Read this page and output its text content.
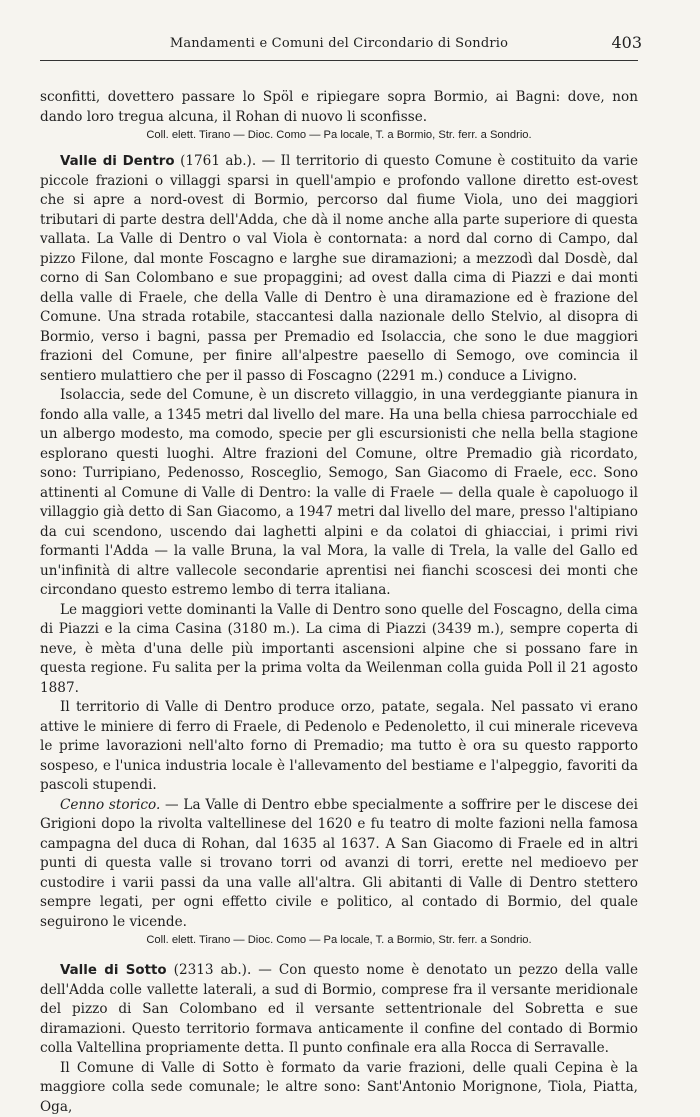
Mandamenti e Comuni del Circondario di Sondrio	403

sconfitti, dovettero passare lo Spöl e ripiegare sopra Bormio, ai Bagni: dove, non dando loro tregua alcuna, il Rohan di nuovo li sconfisse.

Coll. elett. Tirano — Dioc. Como — Pa locale, T. a Bormio, Str. ferr. a Sondrio.

Valle di Dentro (1761 ab.). — Il territorio di questo Comune è costituito da varie piccole frazioni o villaggi sparsi in quell'ampio e profondo vallone diretto est-ovest che si apre a nord-ovest di Bormio, percorso dal fiume Viola, uno dei maggiori tributari di parte destra dell'Adda, che dà il nome anche alla parte superiore di questa vallata. La Valle di Dentro o val Viola è contornata: a nord dal corno di Campo, dal pizzo Filone, dal monte Foscagno e larghe sue diramazioni; a mezzodì dal Dosdè, dal corno di San Colombano e sue propaggini; ad ovest dalla cima di Piazzi e dai monti della valle di Fraele, che della Valle di Dentro è una diramazione ed è frazione del Comune. Una strada rotabile, staccantesi dalla nazionale dello Stelvio, al disopra di Bormio, verso i bagni, passa per Premadio ed Isolaccia, che sono le due maggiori frazioni del Comune, per finire all'alpestre paesello di Semogo, ove comincia il sentiero mulattiero che per il passo di Foscagno (2291 m.) conduce a Livigno.

Isolaccia, sede del Comune, è un discreto villaggio, in una verdeggiante pianura in fondo alla valle, a 1345 metri dal livello del mare. Ha una bella chiesa parrocchiale ed un albergo modesto, ma comodo, specie per gli escursionisti che nella bella stagione esplorano questi luoghi. Altre frazioni del Comune, oltre Premadio già ricordato, sono: Turripiano, Pedenosso, Rosceglio, Semogo, San Giacomo di Fraele, ecc. Sono attinenti al Comune di Valle di Dentro: la valle di Fraele — della quale è capoluogo il villaggio già detto di San Giacomo, a 1947 metri dal livello del mare, presso l'altipiano da cui scendono, uscendo dai laghetti alpini e da colatoi di ghiacciai, i primi rivi formanti l'Adda — la valle Bruna, la val Mora, la valle di Trela, la valle del Gallo ed un'infinità di altre vallecole secondarie aprentisi nei fianchi scoscesi dei monti che circondano questo estremo lembo di terra italiana.

Le maggiori vette dominanti la Valle di Dentro sono quelle del Foscagno, della cima di Piazzi e la cima Casina (3180 m.). La cima di Piazzi (3439 m.), sempre coperta di neve, è mèta d'una delle più importanti ascensioni alpine che si possano fare in questa regione. Fu salita per la prima volta da Weilenman colla guida Poll il 21 agosto 1887.

Il territorio di Valle di Dentro produce orzo, patate, segala. Nel passato vi erano attive le miniere di ferro di Fraele, di Pedenolo e Pedenoletto, il cui minerale riceveva le prime lavorazioni nell'alto forno di Premadio; ma tutto è ora su questo rapporto sospeso, e l'unica industria locale è l'allevamento del bestiame e l'alpeggio, favoriti da pascoli stupendi.

Cenno storico. — La Valle di Dentro ebbe specialmente a soffrire per le discese dei Grigioni dopo la rivolta valtellinese del 1620 e fu teatro di molte fazioni nella famosa campagna del duca di Rohan, dal 1635 al 1637. A San Giacomo di Fraele ed in altri punti di questa valle si trovano torri od avanzi di torri, erette nel medioevo per custodire i varii passi da una valle all'altra. Gli abitanti di Valle di Dentro stettero sempre legati, per ogni effetto civile e politico, al contado di Bormio, del quale seguirono le vicende.

Coll. elett. Tirano — Dioc. Como — Pa locale, T. a Bormio, Str. ferr. a Sondrio.

Valle di Sotto (2313 ab.). — Con questo nome è denotato un pezzo della valle dell'Adda colle vallette laterali, a sud di Bormio, comprese fra il versante meridionale del pizzo di San Colombano ed il versante settentrionale del Sobretta e sue diramazioni. Questo territorio formava anticamente il confine del contado di Bormio colla Valtellina propriamente detta. Il punto confinale era alla Rocca di Serravalle.

Il Comune di Valle di Sotto è formato da varie frazioni, delle quali Cepina è la maggiore colla sede comunale; le altre sono: Sant'Antonio Morignone, Tiola, Piatta, Oga,
